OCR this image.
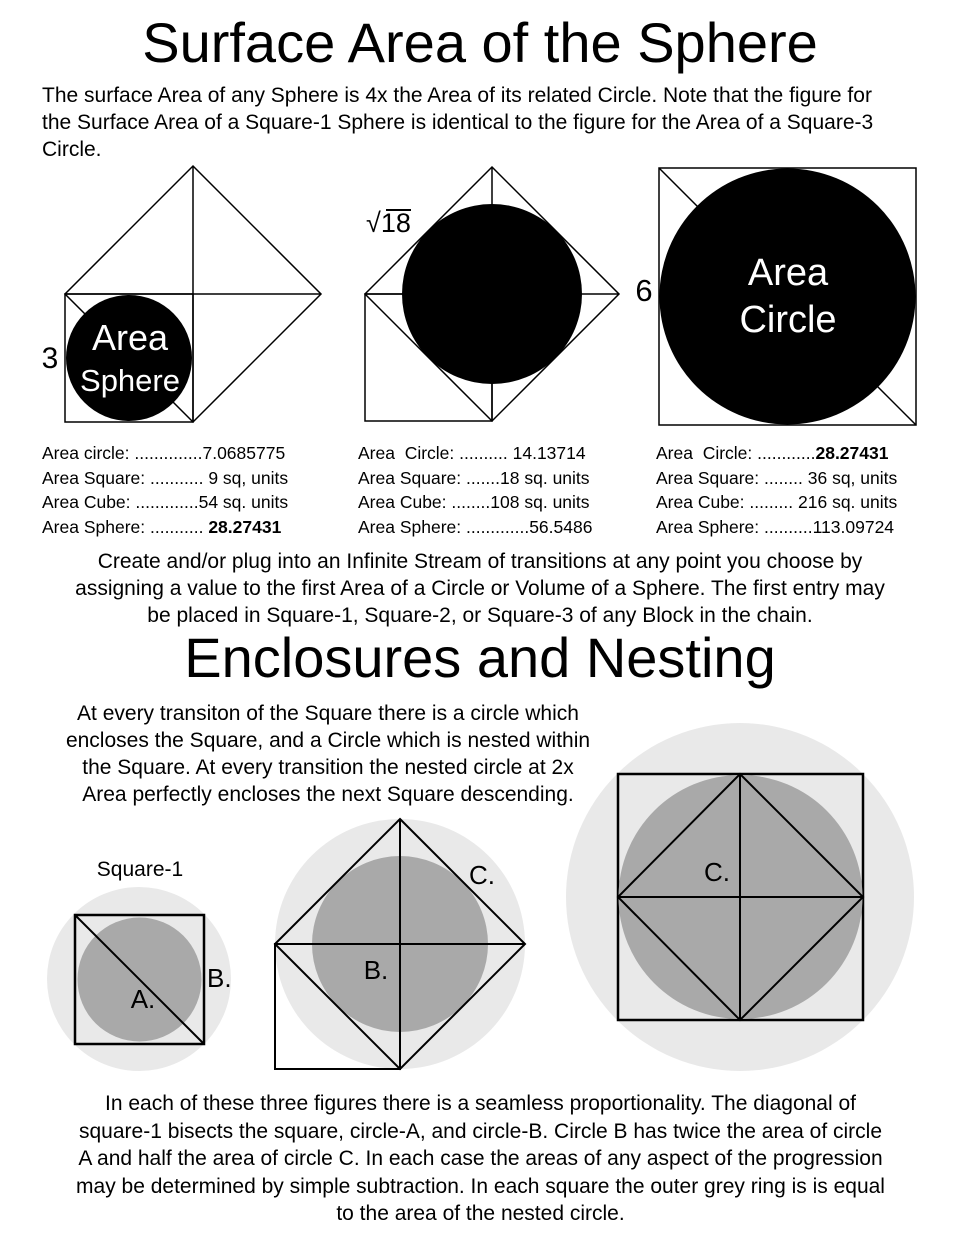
Area
Sphere
3
√18
Area
Circle
6
Square-1
A.
B.	B.
C.	C.
Surface Area of the Sphere
The surface Area of any Sphere is 4x the Area of its related Circle. Note that the figure for
the Surface Area of a Square-1 Sphere is identical to the figure for the Area of a Square-3
Circle.
Area circle: ..............7.0685775
Area Square: ........... 9 sq, units
Area Cube: .............54 sq. units
Area Sphere: ........... 28.27431
Area  Circle: .......... 14.13714
Area Square: .......18 sq. units
Area Cube: ........108 sq. units
Area Sphere: .............56.5486
Area  Circle: ............28.27431
Area Square: ........ 36 sq, units
Area Cube: ......... 216 sq. units
Area Sphere: ..........113.09724
Create and/or plug into an Infinite Stream of transitions at any point you choose by
assigning a value to the first Area of a Circle or Volume of a Sphere. The first entry may
be placed in Square-1, Square-2, or Square-3 of any Block in the chain.
Enclosures and Nesting
At every transiton of the Square there is a circle which
encloses the Square, and a Circle which is nested within
the Square. At every transition the nested circle at 2x
Area perfectly encloses the next Square descending.
In each of these three figures there is a seamless proportionality. The diagonal of
square-1 bisects the square, circle-A, and circle-B. Circle B has twice the area of circle
A and half the area of circle C. In each case the areas of any aspect of the progression
may be determined by simple subtraction. In each square the outer grey ring is is equal
to the area of the nested circle.
